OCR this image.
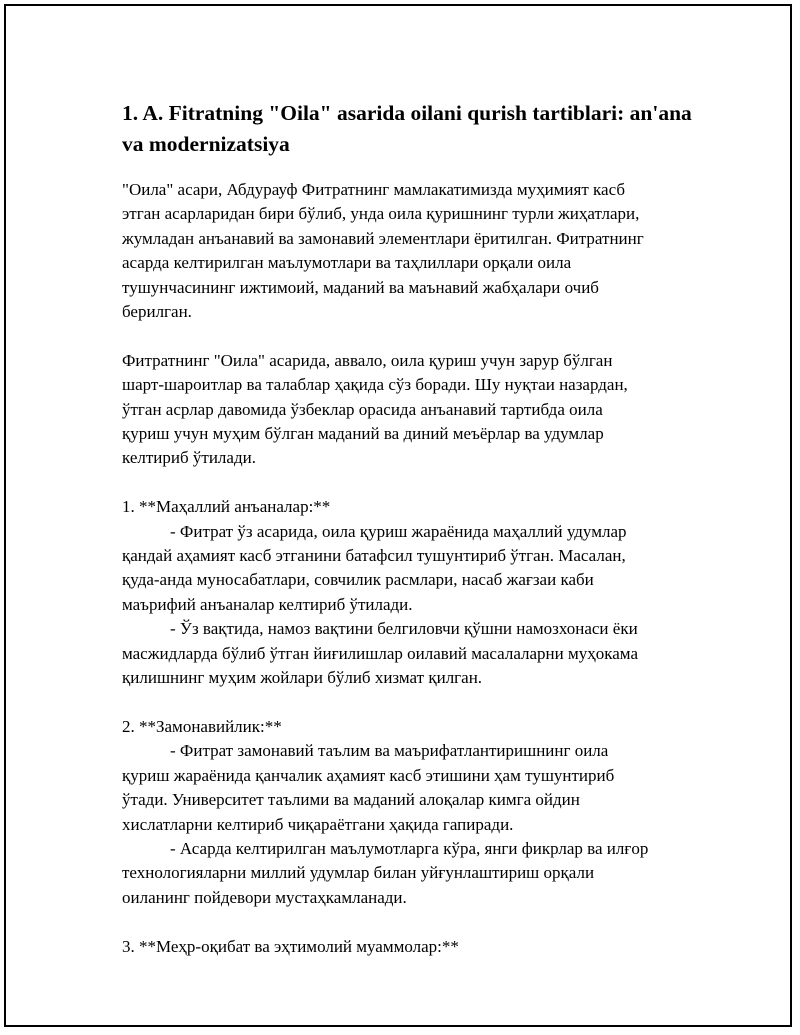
1. A. Fitratning "Oila" asarida oilani qurish tartiblari: an'ana
va modernizatsiya
"Оила" асари, Абдурауф Фитратнинг мамлакатимизда муҳимият касб
этган асарларидан бири бўлиб, унда оила қуришнинг турли жиҳатлари,
жумладан анъанавий ва замонавий элементлари ёритилган. Фитратнинг
асарда келтирилган маълумотлари ва таҳлиллари орқали оила
тушунчасининг ижтимоий, маданий ва маънавий жабҳалари очиб
берилган.
Фитратнинг "Оила" асарида, аввало, оила қуриш учун зарур бўлган
шарт-шароитлар ва талаблар ҳақида сўз боради. Шу нуқтаи назардан,
ўтган асрлар давомида ўзбеклар орасида анъанавий тартибда оила
қуриш учун муҳим бўлган маданий ва диний меъёрлар ва удумлар
келтириб ўтилади.
1. **Маҳаллий анъаналар:**
- Фитрат ўз асарида, оила қуриш жараёнида маҳаллий удумлар
қандай аҳамият касб этганини батафсил тушунтириб ўтган. Масалан,
қуда-анда муносабатлари, совчилик расмлари, насаб жағзаи каби
маърифий анъаналар келтириб ўтилади.
- Ўз вақтида, намоз вақтини белгиловчи қўшни намозхонаси ёки
масжидларда бўлиб ўтган йиғилишлар оилавий масалаларни муҳокама
қилишнинг муҳим жойлари бўлиб хизмат қилган.
2. **Замонавийлик:**
- Фитрат замонавий таълим ва маърифатлантиришнинг оила
қуриш жараёнида қанчалик аҳамият касб этишини ҳам тушунтириб
ўтади. Университет таълими ва маданий алоқалар кимга ойдин
хислатларни келтириб чиқараётгани ҳақида гапиради.
- Асарда келтирилган маълумотларга кўра, янги фикрлар ва илғор
технологияларни миллий удумлар билан уйғунлаштириш орқали
оиланинг пойдевори мустаҳкамланади.
3. **Меҳр-оқибат ва эҳтимолий муаммолар:**
